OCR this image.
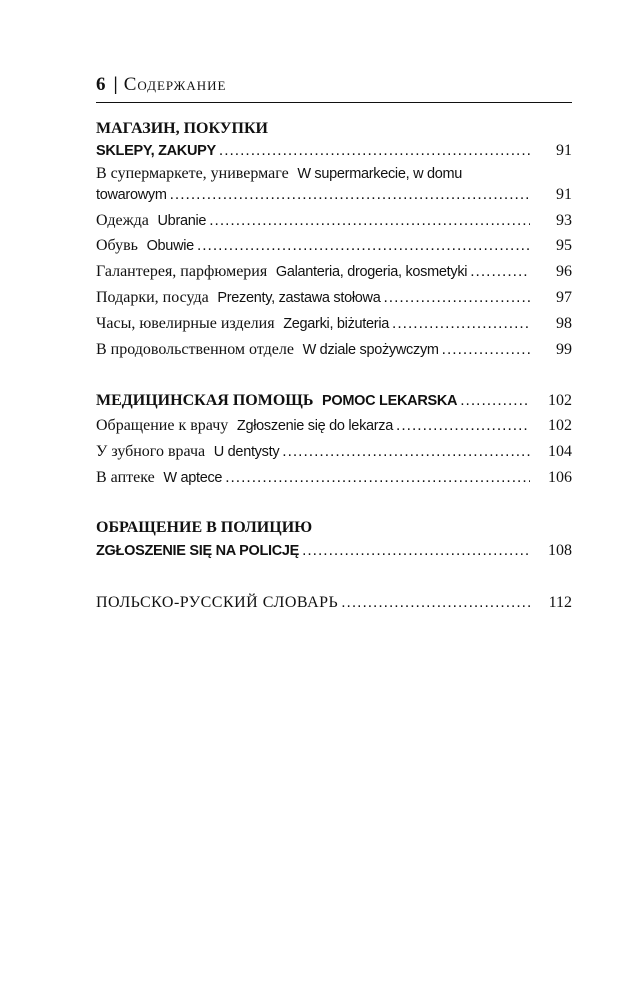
6 | Содержание
МАГАЗИН, ПОКУПКИ
SKLEPY, ZAKUPY .....	91
В супермаркете, универмаге W supermarkecie, w domu
towarowym .....	91
Одежда Ubranie .....	93
Обувь Obuwie .....	95
Галантерея, парфюмерия Galanteria, drogeria, kosmetyki .....	96
Подарки, посуда Prezenty, zastawa stołowa .....	97
Часы, ювелирные изделия Zegarki, biżuteria .....	98
В продовольственном отделе W dziale spożywczym .....	99
МЕДИЦИНСКАЯ ПОМОЩЬ POMOC LEKARSKA .....	102
Обращение к врачу Zgłoszenie się do lekarza .....	102
У зубного врача U dentysty .....	104
В аптеке W aptece .....	106
ОБРАЩЕНИЕ В ПОЛИЦИЮ
ZGŁOSZENIE SIĘ NA POLICJĘ .....	108
ПОЛЬСКО-РУССКИЙ СЛОВАРЬ .....	112
